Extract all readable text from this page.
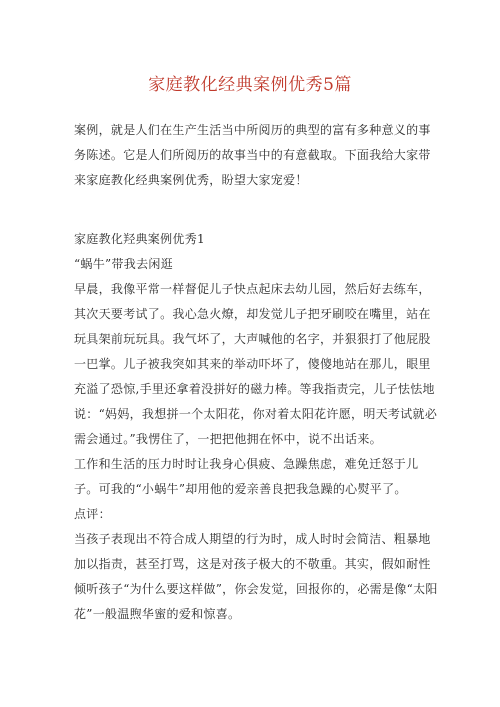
家庭教化经典案例优秀5篇

案例，就是人们在生产生活当中所阅历的典型的富有多种意义的事务陈述。它是人们所阅历的故事当中的有意截取。下面我给大家带来家庭教化经典案例优秀，盼望大家宠爱！

家庭教化羟典案例优秀1

“蜗牛”带我去闲逛

早晨，我像平常一样督促儿子快点起床去幼儿园，然后好去练车，其次天要考试了。我心急火燎，却发觉儿子把牙刷咬在嘴里，站在玩具架前玩玩具。我气坏了，大声喊他的名字，并狠狠打了他屁股一巴掌。儿子被我突如其来的举动吓坏了，傻傻地站在那儿，眼里充溢了恐惊,手里还拿着没拼好的磁力棒。等我指责完，儿子怯怯地说：“妈妈，我想拼一个太阳花，你对着太阳花许愿，明天考试就必需会通过。”我愣住了，一把把他拥在怀中，说不出话来。

工作和生活的压力时时让我身心俱疲、急躁焦虑，难免迁怒于儿子。可我的“小蜗牛”却用他的爱亲善良把我急躁的心熨平了。

点评：

当孩子表现出不符合成人期望的行为时，成人时时会简洁、粗暴地加以指责，甚至打骂，这是对孩子极大的不敬重。其实，假如耐性倾听孩子“为什么要这样做”，你会发觉，回报你的，必需是像“太阳花”一般温煦华蜜的爱和惊喜。
